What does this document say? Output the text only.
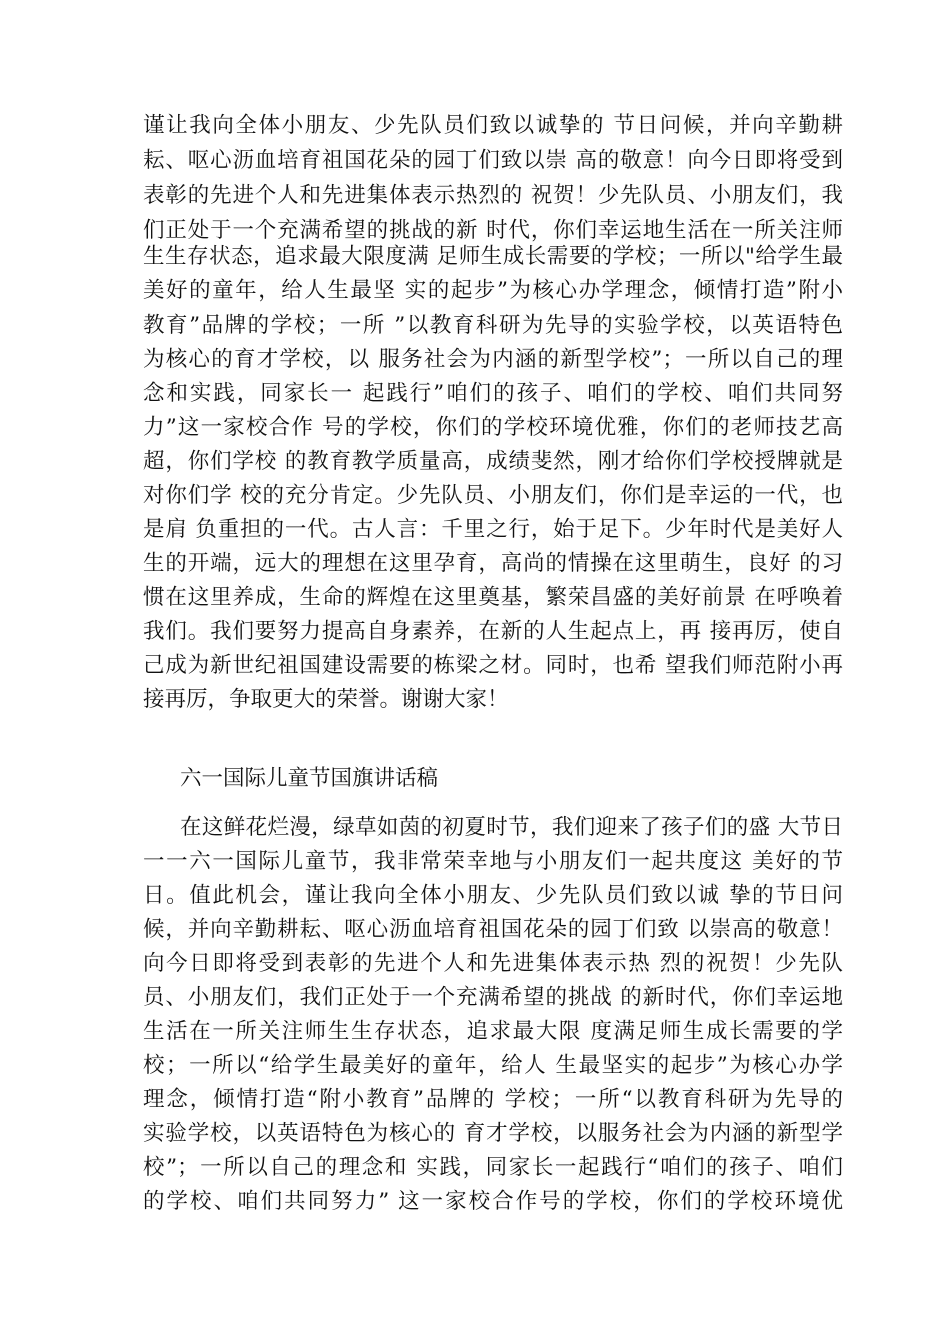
谨让我向全体小朋友、少先队员们致以诚挚的 节日问候，并向辛勤耕
耘、呕心沥血培育祖国花朵的园丁们致以崇 高的敬意！向今日即将受到
表彰的先进个人和先进集体表示热烈的 祝贺！少先队员、小朋友们，我
们正处于一个充满希望的挑战的新 时代，你们幸运地生活在一所关注师
生生存状态，追求最大限度满 足师生成长需要的学校；一所以"给学生最
美好的童年，给人生最坚 实的起步”为核心办学理念，倾情打造”附小
教育”品牌的学校；一所 ”以教育科研为先导的实验学校，以英语特色
为核心的育才学校，以 服务社会为内涵的新型学校”；一所以自己的理
念和实践，同家长一 起践行”咱们的孩子、咱们的学校、咱们共同努
力”这一家校合作 号的学校，你们的学校环境优雅，你们的老师技艺高
超，你们学校 的教育教学质量高，成绩斐然，刚才给你们学校授牌就是
对你们学 校的充分肯定。少先队员、小朋友们，你们是幸运的一代，也
是肩 负重担的一代。古人言：千里之行，始于足下。少年时代是美好人
生的开端，远大的理想在这里孕育，高尚的情操在这里萌生，良好 的习
惯在这里养成，生命的辉煌在这里奠基，繁荣昌盛的美好前景 在呼唤着
我们。我们要努力提高自身素养，在新的人生起点上，再 接再厉，使自
己成为新世纪祖国建设需要的栋梁之材。同时，也希 望我们师范附小再
接再厉，争取更大的荣誉。谢谢大家！
六一国际儿童节国旗讲话稿
在这鲜花烂漫，绿草如茵的初夏时节，我们迎来了孩子们的盛 大节日
一一六一国际儿童节，我非常荣幸地与小朋友们一起共度这 美好的节
日。值此机会，谨让我向全体小朋友、少先队员们致以诚 挚的节日问
候，并向辛勤耕耘、呕心沥血培育祖国花朵的园丁们致 以崇高的敬意！
向今日即将受到表彰的先进个人和先进集体表示热 烈的祝贺！少先队
员、小朋友们，我们正处于一个充满希望的挑战 的新时代，你们幸运地
生活在一所关注师生生存状态，追求最大限 度满足师生成长需要的学
校；一所以“给学生最美好的童年，给人 生最坚实的起步”为核心办学
理念，倾情打造“附小教育”品牌的 学校；一所“以教育科研为先导的
实验学校，以英语特色为核心的 育才学校，以服务社会为内涵的新型学
校”；一所以自己的理念和 实践，同家长一起践行“咱们的孩子、咱们
的学校、咱们共同努力” 这一家校合作号的学校，你们的学校环境优
